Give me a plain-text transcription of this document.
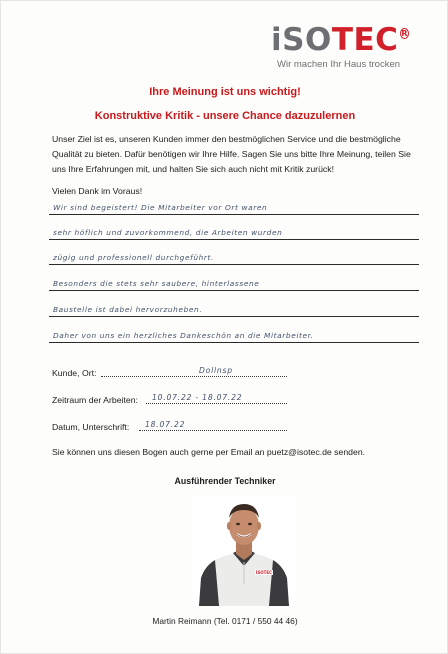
iSO TEC R
Wir machen Ihr Haus trocken
Ihre Meinung ist uns wichtig!
Konstruktive Kritik - unsere Chance dazuzulernen
Unser Ziel ist es, unseren Kunden immer den bestmöglichen Service und die bestmögliche Qualität zu bieten. Dafür benötigen wir Ihre Hilfe. Sagen Sie uns bitte Ihre Meinung, teilen Sie uns Ihre Erfahrungen mit, und halten Sie sich auch nicht mit Kritik zurück!
Vielen Dank im Voraus!
Wir sind begeistert! Die Mitarbeiter vor Ort waren
sehr höflich und zuvorkommend, die Arbeiten wurden
zügig und professionell durchgeführt.
Besonders die stets sehr saubere, hinterlassene
Baustelle ist dabei hervorzuheben.
Daher von uns ein herzliches Dankeschön an die Mitarbeiter.
Kunde, Ort:	Dollnsp
Zeitraum der Arbeiten:	10.07.22 - 18.07.22
Datum, Unterschrift:	18.07.22
Sie können uns diesen Bogen auch gerne per Email an puetz@isotec.de senden.
Ausführender Techniker
ISOTEC
Martin Reimann (Tel. 0171 / 550 44 46)
